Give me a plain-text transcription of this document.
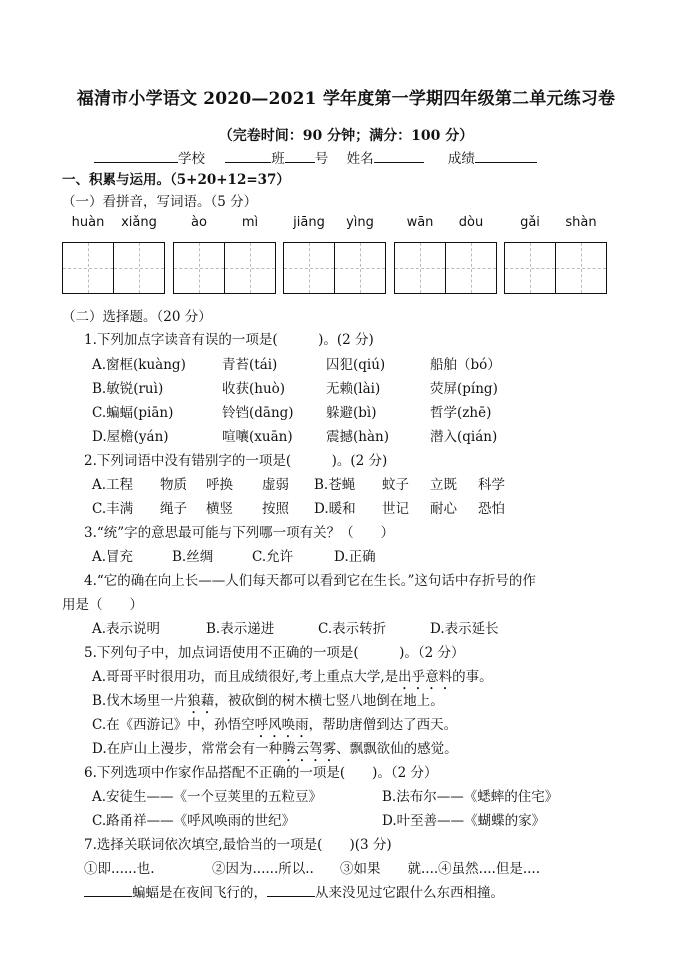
福清市小学语文 2020—2021 学年度第一学期四年级第二单元练习卷
（完卷时间：90 分钟；满分：100 分）
学校	班 号 姓名	成绩
一、积累与运用。（5+20+12=37）
（一）看拼音，写词语。（5 分）
huàn	xiǎng	ào	mì	jiāng	yìng	wān	dòu	gǎi	shàn
（二）选择题。（20 分）
1.下列加点字读音有误的一项是(　　　)。(2 分)
A.窗框(kuàng)	青苔(tái)	囚犯(qiú)	船舶（bó）
B.敏锐(ruì)	收获(huò)	无赖(lài)	荧屏(píng)
C.蝙蝠(piān)	铃铛(dāng) 躲避(bì)	哲学(zhē)
D.屋檐(yán)	喧嚷(xuān) 震撼(hàn)	潜入(qián)
2.下列词语中没有错别字的一项是(　　　)。(2 分)
A.工程 物质 呼换 虚弱 B.苍蝇 蚊子 立既 科学
C.丰满 绳子 横竖 按照 D.暖和 世记 耐心 恐怕
3.“统”字的意思最可能与下列哪一项有关？（　　）
A.冒充	B.丝绸	C.允许	D.正确
4.“它的确在向上长——人们每天都可以看到它在生长。”这句话中存折号的作
用是（　　）
A.表示说明	B.表示递进	C.表示转折	D.表示延长
5.下列句子中，加点词语使用不正确的一项是(　　　)。（2 分）
A.哥哥平时很用功，而且成绩很好,考上重点大学,是出乎意料的事。
B.伐木场里一片狼藉，被砍倒的树木横七竖八地倒在地上。
C.在《西游记》中，孙悟空呼风唤雨，帮助唐僧到达了西天。
D.在庐山上漫步，常常会有一种腾云驾雾、飘飘欲仙的感觉。
6.下列选项中作家作品搭配不正确的一项是(　　)。（2 分）
A.安徒生——《一个豆荚里的五粒豆》	B.法布尔——《蟋蟀的住宅》
C.路甬祥——《呼风唤雨的世纪》	D.叶至善——《蝴蝶的家》
7.选择关联词依次填空,最恰当的一项是(　　)(3 分)
①即......也.	②因为......所以.. ③如果　　就....④虽然....但是....
蝙蝠是在夜间飞行的，	从来没见过它跟什么东西相撞。
